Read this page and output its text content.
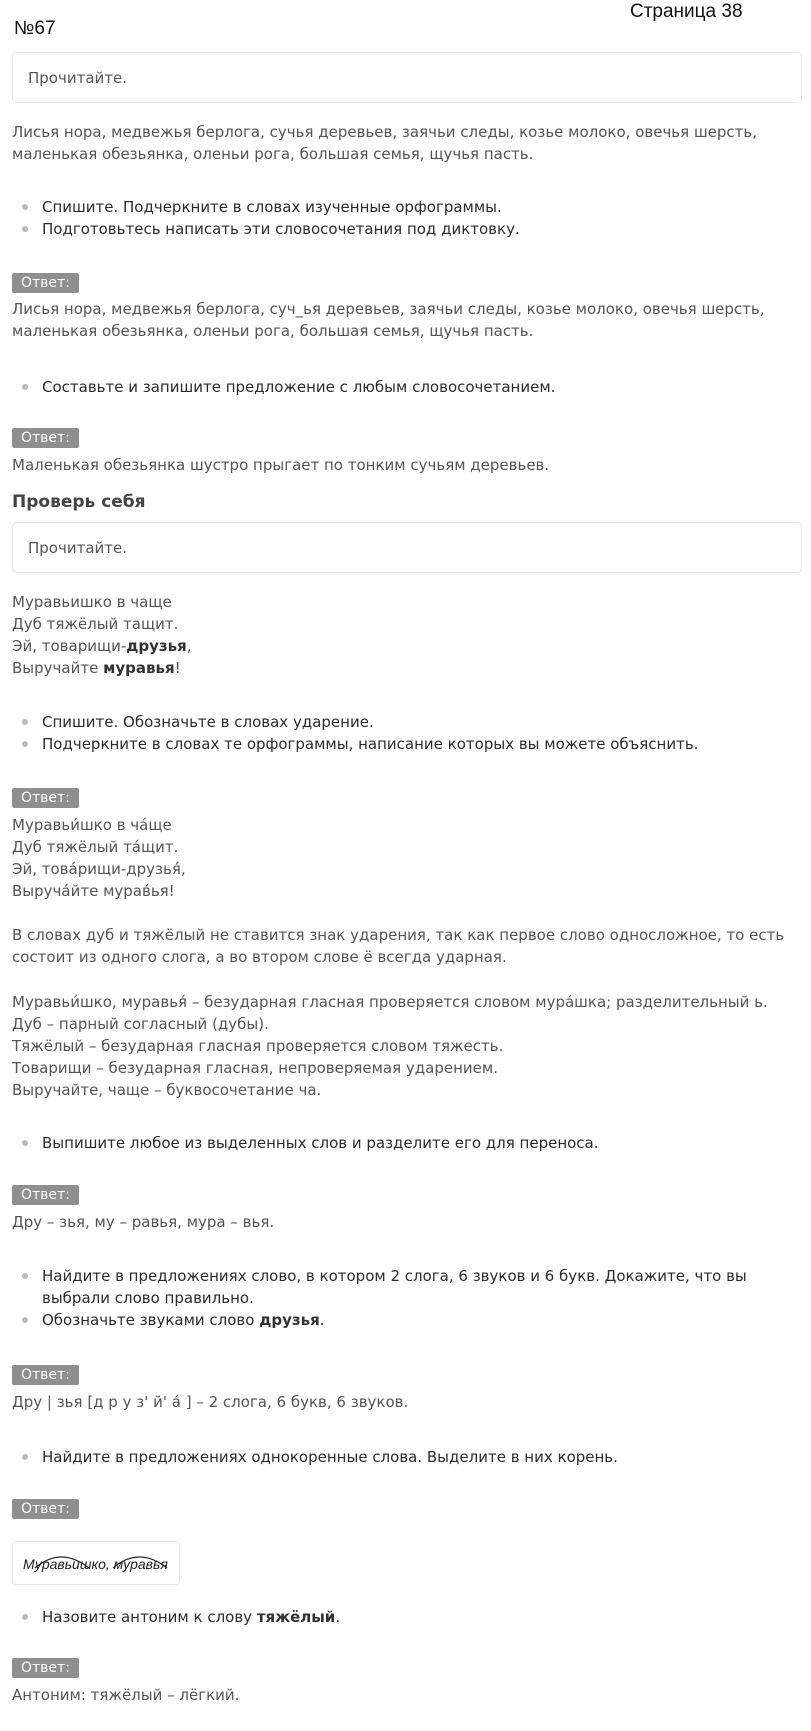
№67
Страница 38
Прочитайте.
Лисья нора, медвежья берлога, сучья деревьев, заячьи следы, козье молоко, овечья шерсть, маленькая обезьянка, оленьи рога, большая семья, щучья пасть.
Спишите. Подчеркните в словах изученные орфограммы.
Подготовьтесь написать эти словосочетания под диктовку.
Ответ:
Лисья нора, медвежья берлога, суч_ья деревьев, заячьи следы, козье молоко, овечья шерсть,
маленькая обезьянка, оленьи рога, большая семья, щучья пасть.
Составьте и запишите предложение с любым словосочетанием.
Ответ:
Маленькая обезьянка шустро прыгает по тонким сучьям деревьев.
Проверь себя
Прочитайте.
Муравьишко в чаще
Дуб тяжёлый тащит.
Эй, товарищи-друзья,
Выручайте муравья!
Спишите. Обозначьте в словах ударение.
Подчеркните в словах те орфограммы, написание которых вы можете объяснить.
Ответ:
Муравьи́шко в ча́ще
Дуб тяжёлый та́щит.
Эй, това́рищи-друзья́,
Выруча́йте мурав́ья!
В словах дуб и тяжёлый не ставится знак ударения, так как первое слово односложное, то есть состоит из одного слога, а во втором слове ё всегда ударная.
Муравьи́шко, муравья́ – безударная гласная проверяется словом мура́шка; разделительный ь.
Дуб – парный согласный (дубы).
Тяжёлый – безударная гласная проверяется словом тяжесть.
Товарищи – безударная гласная, непроверяемая ударением.
Выручайте, чаще – буквосочетание ча.
Выпишите любое из выделенных слов и разделите его для переноса.
Ответ:
Дру – зья, му – равья, мура – вья.
Найдите в предложениях слово, в котором 2 слога, 6 звуков и 6 букв. Докажите, что вы выбрали слово правильно.
Обозначьте звуками слово друзья.
Ответ:
Дру | зья [д р у з' й' а́ ] – 2 слога, 6 букв, 6 звуков.
Найдите в предложениях однокоренные слова. Выделите в них корень.
Ответ:
Муравьишко, муравья
Назовите антоним к слову тяжёлый.
Ответ:
Антоним: тяжёлый – лёгкий.
